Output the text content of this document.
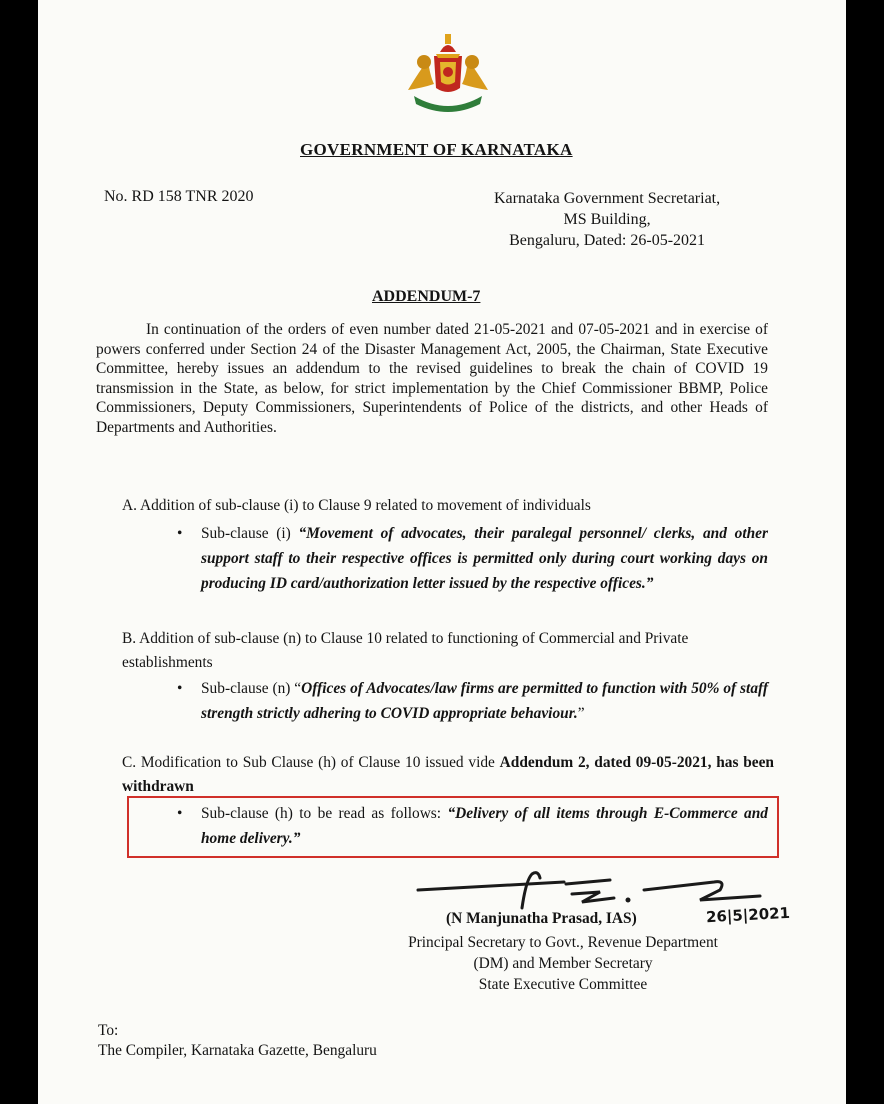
GOVERNMENT OF KARNATAKA
No. RD 158 TNR 2020	Karnataka Government Secretariat,
MS Building,
Bengaluru, Dated: 26-05-2021
ADDENDUM-7

In continuation of the orders of even number dated 21-05-2021 and 07-05-2021 and in exercise of powers conferred under Section 24 of the Disaster Management Act, 2005, the Chairman, State Executive Committee, hereby issues an addendum to the revised guidelines to break the chain of COVID 19 transmission in the State, as below, for strict implementation by the Chief Commissioner BBMP, Police Commissioners, Deputy Commissioners, Superintendents of Police of the districts, and other Heads of Departments and Authorities.

A. Addition of sub-clause (i) to Clause 9 related to movement of individuals
• Sub-clause (i) “Movement of advocates, their paralegal personnel/ clerks, and other support staff to their respective offices is permitted only during court working days on producing ID card/authorization letter issued by the respective offices.”
B. Addition of sub-clause (n) to Clause 10 related to functioning of Commercial and Private establishments
• Sub-clause (n) “Offices of Advocates/law firms are permitted to function with 50% of staff strength strictly adhering to COVID appropriate behaviour.”
C. Modification to Sub Clause (h) of Clause 10 issued vide Addendum 2, dated 09-05-2021, has been withdrawn
• Sub-clause (h) to be read as follows: “Delivery of all items through E-Commerce and home delivery.”
(N Manjunatha Prasad, IAS)	26|5|2021
Principal Secretary to Govt., Revenue Department
(DM) and Member Secretary
State Executive Committee
To:
The Compiler, Karnataka Gazette, Bengaluru
